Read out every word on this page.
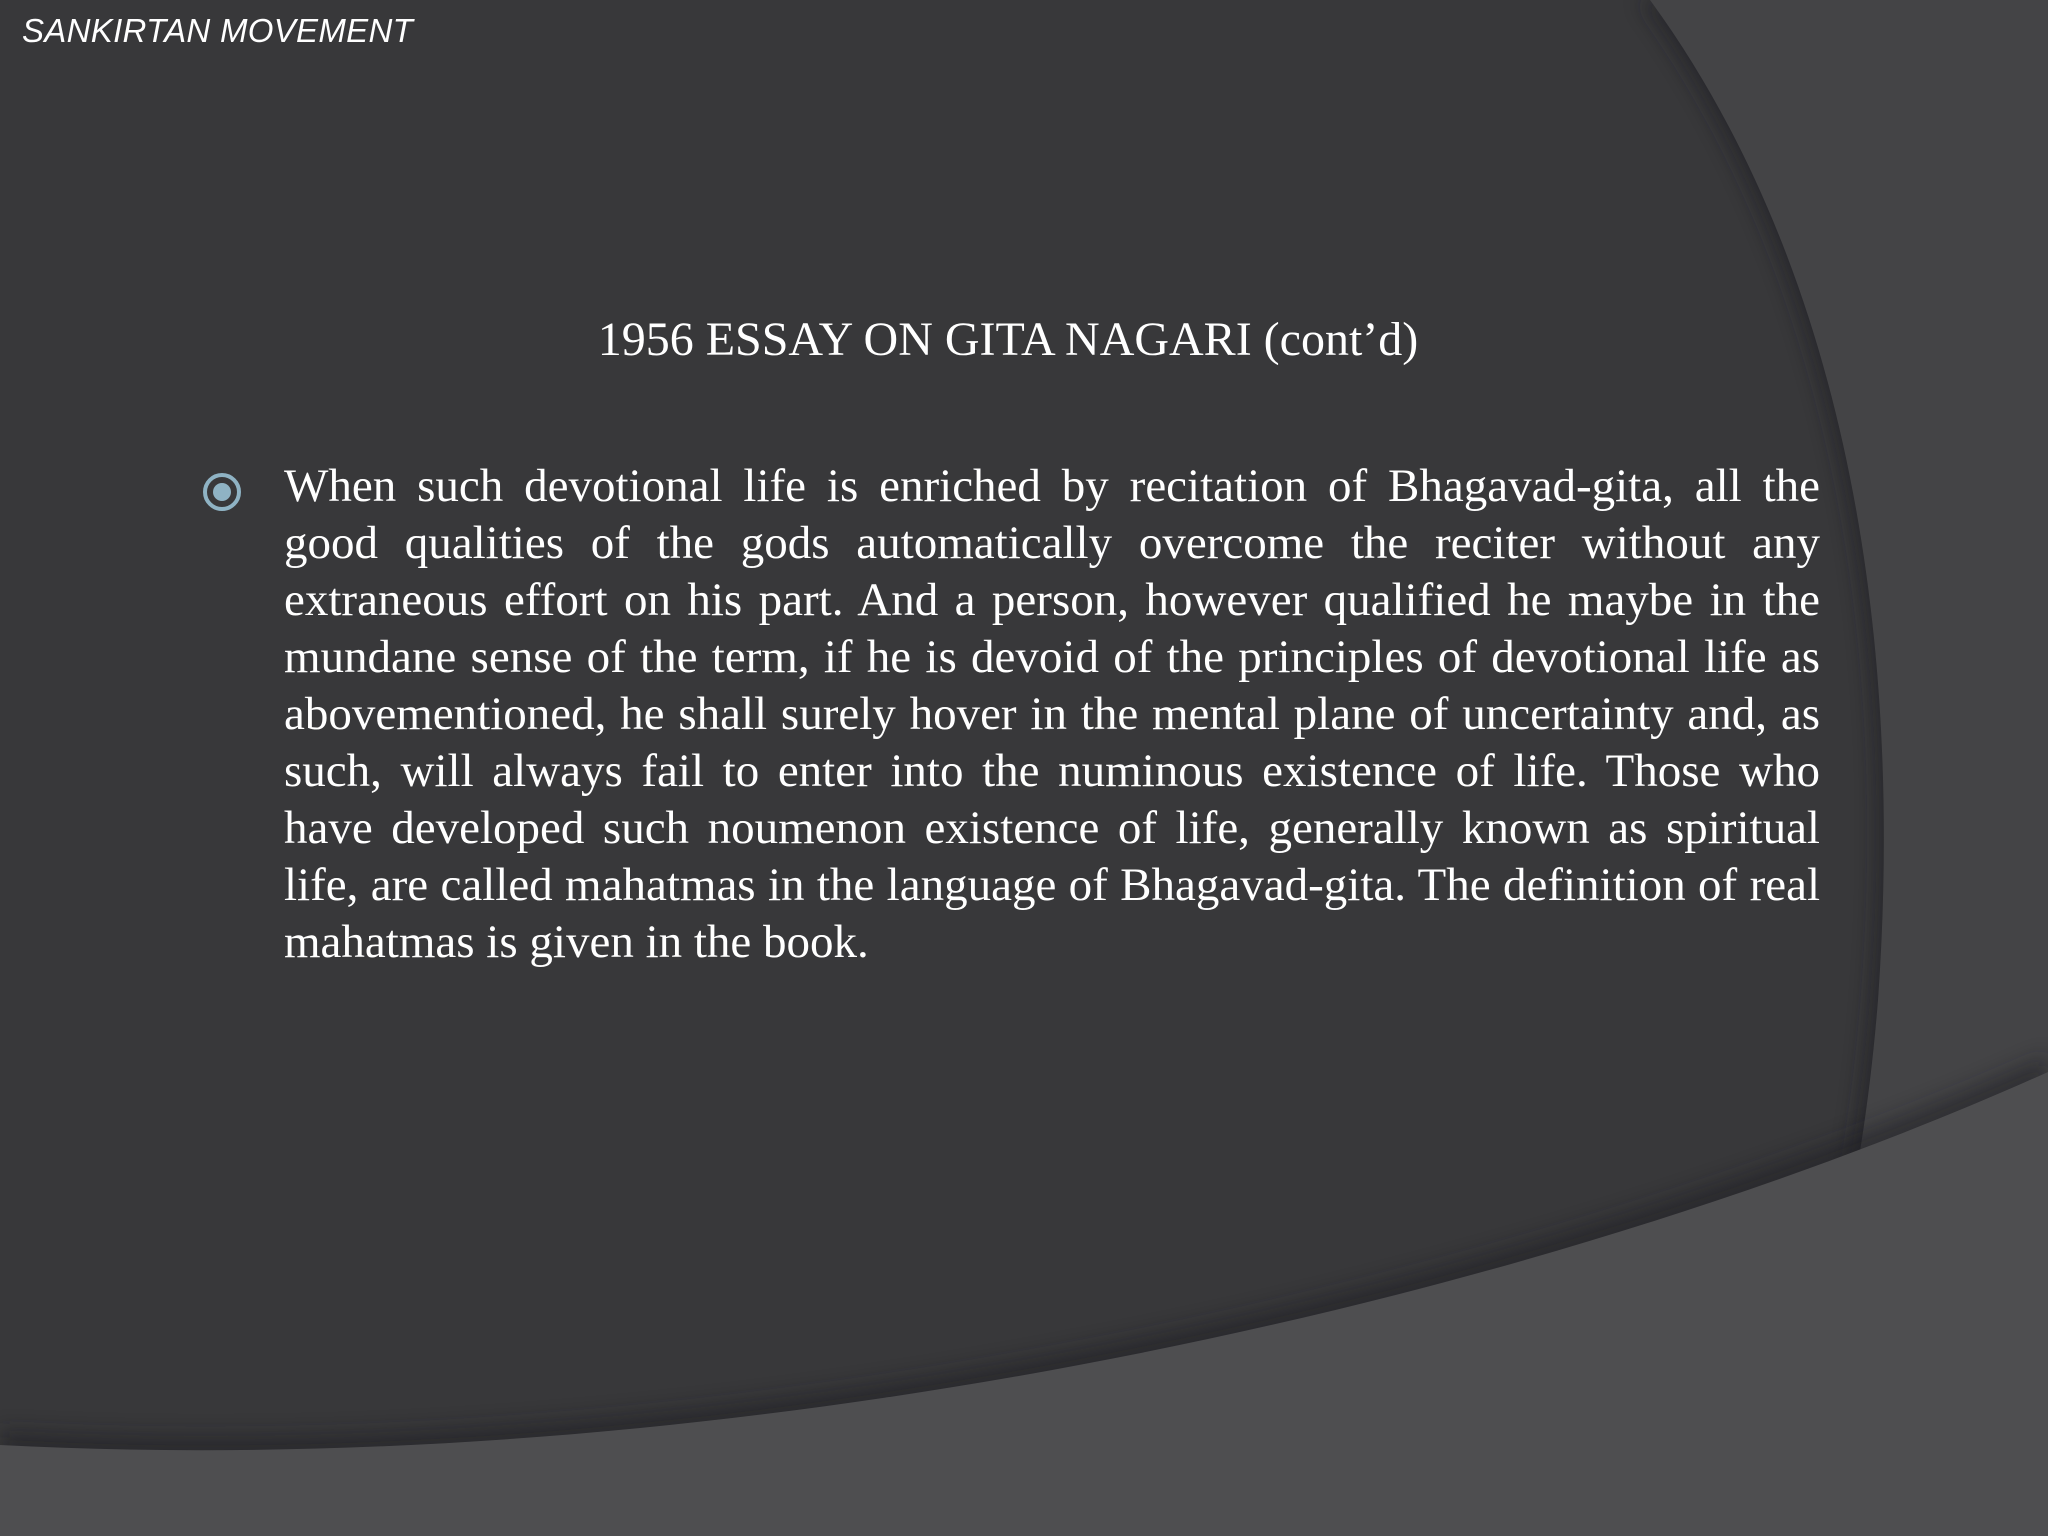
SANKIRTAN MOVEMENT
1956 ESSAY ON GITA NAGARI (cont’d)
When such devotional life is enriched by recitation of Bhagavad-gita, all the good qualities of the gods automatically overcome the reciter without any extraneous effort on his part. And a person, however qualified he maybe in the mundane sense of the term, if he is devoid of the principles of devotional life as abovementioned, he shall surely hover in the mental plane of uncertainty and, as such, will always fail to enter into the numinous existence of life. Those who have developed such noumenon existence of life, generally known as spiritual life, are called mahatmas in the language of Bhagavad-gita. The definition of real mahatmas is given in the book.
